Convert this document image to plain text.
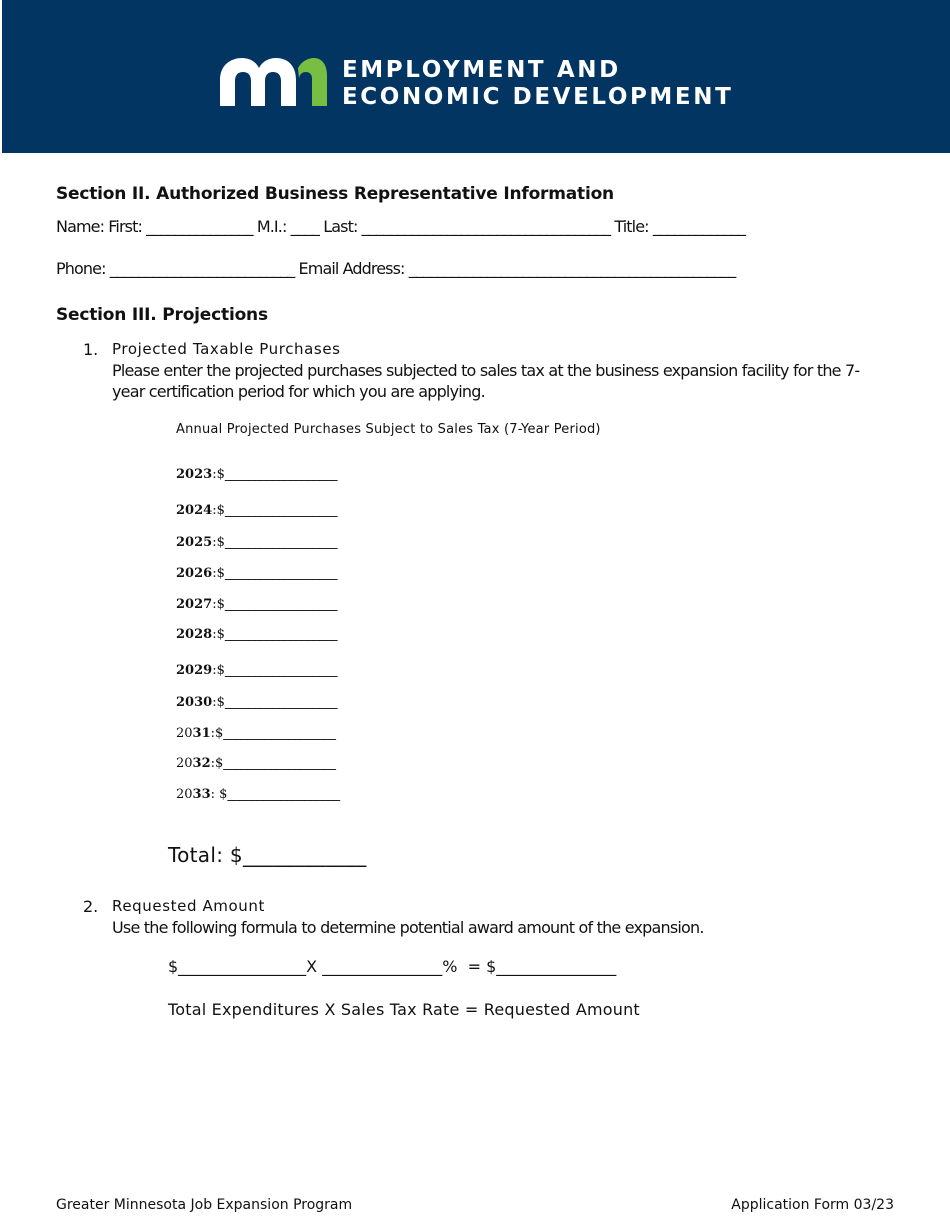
EMPLOYMENT AND
ECONOMIC DEVELOPMENT
Section II. Authorized Business Representative Information
Name: First: _______________ M.I.: ____ Last: ___________________________________ Title: _____________
Phone: __________________________ Email Address: ______________________________________________
Section III. Projections
1. Projected Taxable Purchases

Please enter the projected purchases subjected to sales tax at the business expansion facility for the 7-

year certification period for which you are applying.

Annual Projected Purchases Subject to Sales Tax (7-Year Period)
2023:$___________________
2024:$___________________
2025:$___________________
2026:$___________________
2027:$___________________
2028:$___________________
2029:$___________________
2030:$___________________
2031:$___________________
2032:$___________________
2033: $___________________
Total: $____________
2. Requested Amount

Use the following formula to determine potential award amount of the expansion.

$________________X _______________%  = $_______________
Total Expenditures X Sales Tax Rate = Requested Amount
Greater Minnesota Job Expansion Program	Application Form 03/23
